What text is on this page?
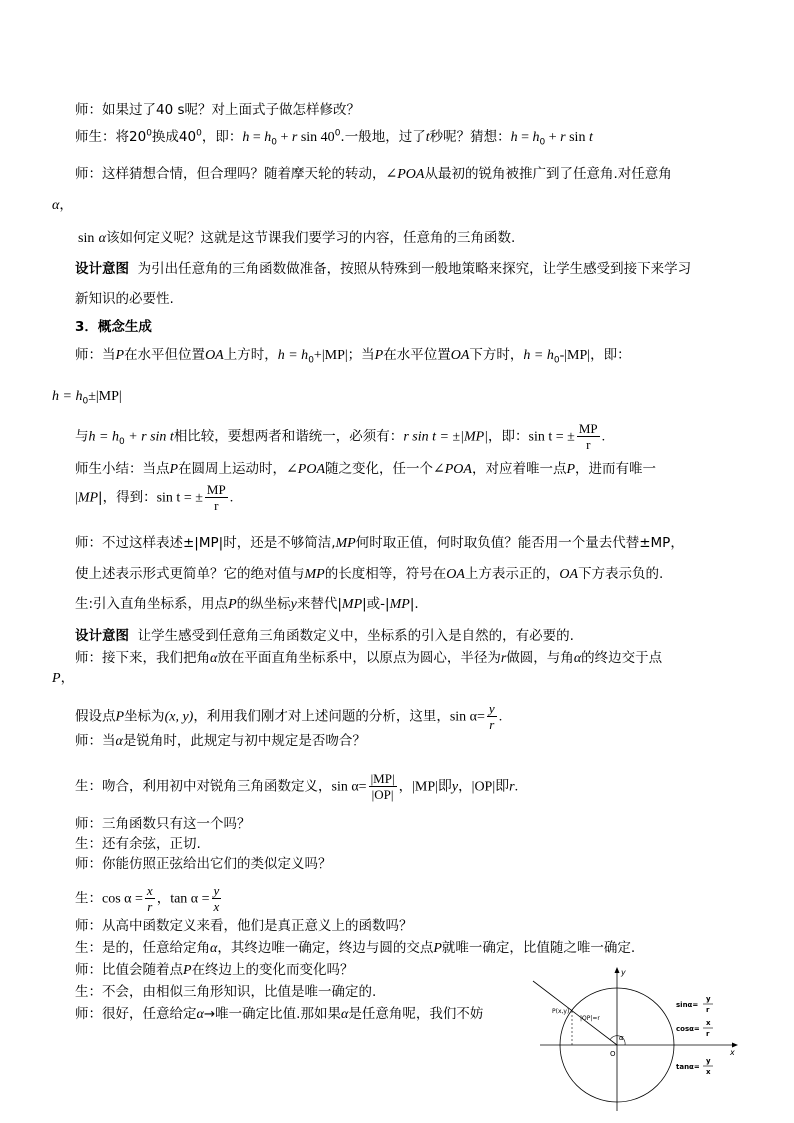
师：如果过了40 s呢？对上面式子做怎样修改？
师生：将$20^0$换成$40^0$，即：$h = h_0 + r$ $\sin 40^0$.一般地，过了t秒呢？猜想：$h = h_0 + r$ sin t
师：这样猜想合情，但合理吗？随着摩天轮的转动，∠POA从最初的锐角被推广到了任意角.对任意角
α，
sin α该如何定义呢？这就是这节课我们要学习的内容，任意角的三角函数.
设计意图 为引出任意角的三角函数做准备，按照从特殊到一般地策略来探究，让学生感受到接下来学习
新知识的必要性.
3．概念生成
师：当P在水平但位置OA上方时，$h = h_0+|MP|$；当P在水平位置OA下方时，$h = h_0-|MP|$，即：
$h = h_0\pm|MP|$
与$h = h_0 + r$ sin t相比较，要想两者和谐统一，必须有：r sin t = ±|MP|，即：sin t = ± $\frac{MP}{r}$ .
师生小结：当点P在圆周上运动时，∠POA随之变化，任一个∠POA，对应着唯一点P，进而有唯一
|MP|，得到：sin t = ± $\frac{MP}{r}$ .
师：不过这样表述±|MP|时，还是不够简洁,MP何时取正值，何时取负值？能否用一个量去代替±MP，
使上述表示形式更简单？它的绝对值与MP的长度相等，符号在OA上方表示正的，OA下方表示负的.
生:引入直角坐标系，用点P的纵坐标y来替代|MP|或-|MP|.
设计意图 让学生感受到任意角三角函数定义中，坐标系的引入是自然的，有必要的.
师：接下来，我们把角α放在平面直角坐标系中，以原点为圆心，半径为r做圆，与角α的终边交于点
P，
假设点P坐标为(x, y)，利用我们刚才对上述问题的分析，这里，$\sin \alpha= \frac{y}{r}$ .
师：当α是锐角时，此规定与初中规定是否吻合？
生：吻合，利用初中对锐角三角函数定义，$\sin \alpha= \frac{|MP|}{|OP|}$ ，|MP|即y，|OP|即r.
师：三角函数只有这一个吗？
生：还有余弦，正切.
师：你能仿照正弦给出它们的类似定义吗？
生：$\cos \alpha = \frac{x}{r}$ ，$\tan \alpha = \frac{y}{x}$
师：从高中函数定义来看，他们是真正意义上的函数吗？
生：是的，任意给定角α，其终边唯一确定，终边与圆的交点P就唯一确定，比值随之唯一确定.
师：比值会随着点P在终边上的变化而变化吗？
生：不会，由相似三角形知识，比值是唯一确定的.
师：很好，任意给定α→唯一确定比值.那如果α是任意角呢，我们不妨
y
x
O
P(x,y)
|OP|=r
α
sinα=
y
r
cosα=
x
r
tanα=
y
x
